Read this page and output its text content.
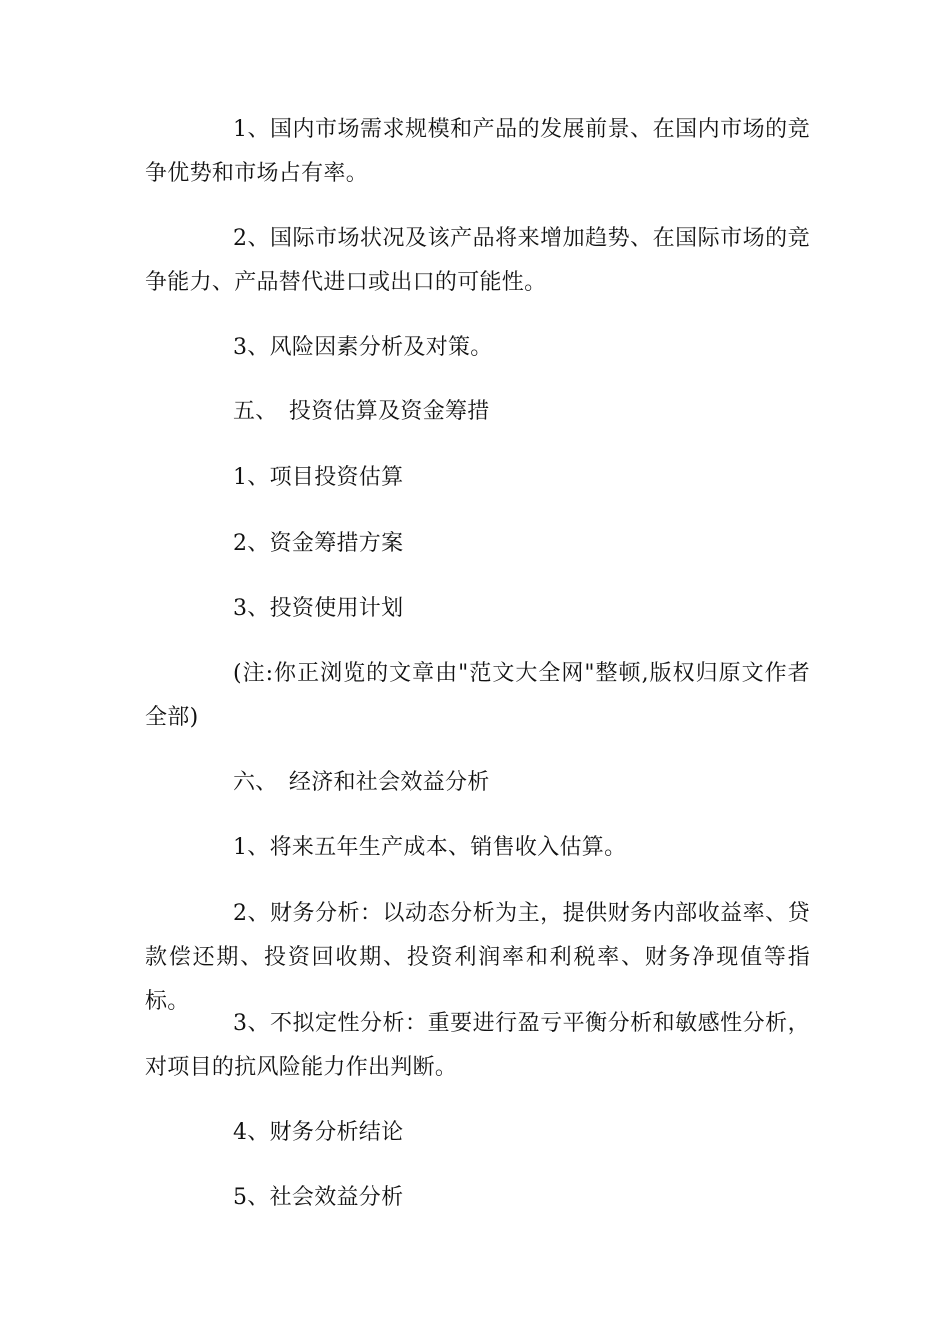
1、国内市场需求规模和产品的发展前景、在国内市场的竞争优势和市场占有率。

2、国际市场状况及该产品将来增加趋势、在国际市场的竞争能力、产品替代进口或出口的可能性。

3、风险因素分析及对策。

五、　投资估算及资金筹措

1、项目投资估算

2、资金筹措方案

3、投资使用计划

(注:你正浏览的文章由"范文大全网"整顿,版权归原文作者全部)

六、　经济和社会效益分析

1、将来五年生产成本、销售收入估算。

2、财务分析：以动态分析为主，提供财务内部收益率、贷款偿还期、投资回收期、投资利润率和利税率、财务净现值等指标。

3、不拟定性分析：重要进行盈亏平衡分析和敏感性分析，对项目的抗风险能力作出判断。

4、财务分析结论

5、社会效益分析
